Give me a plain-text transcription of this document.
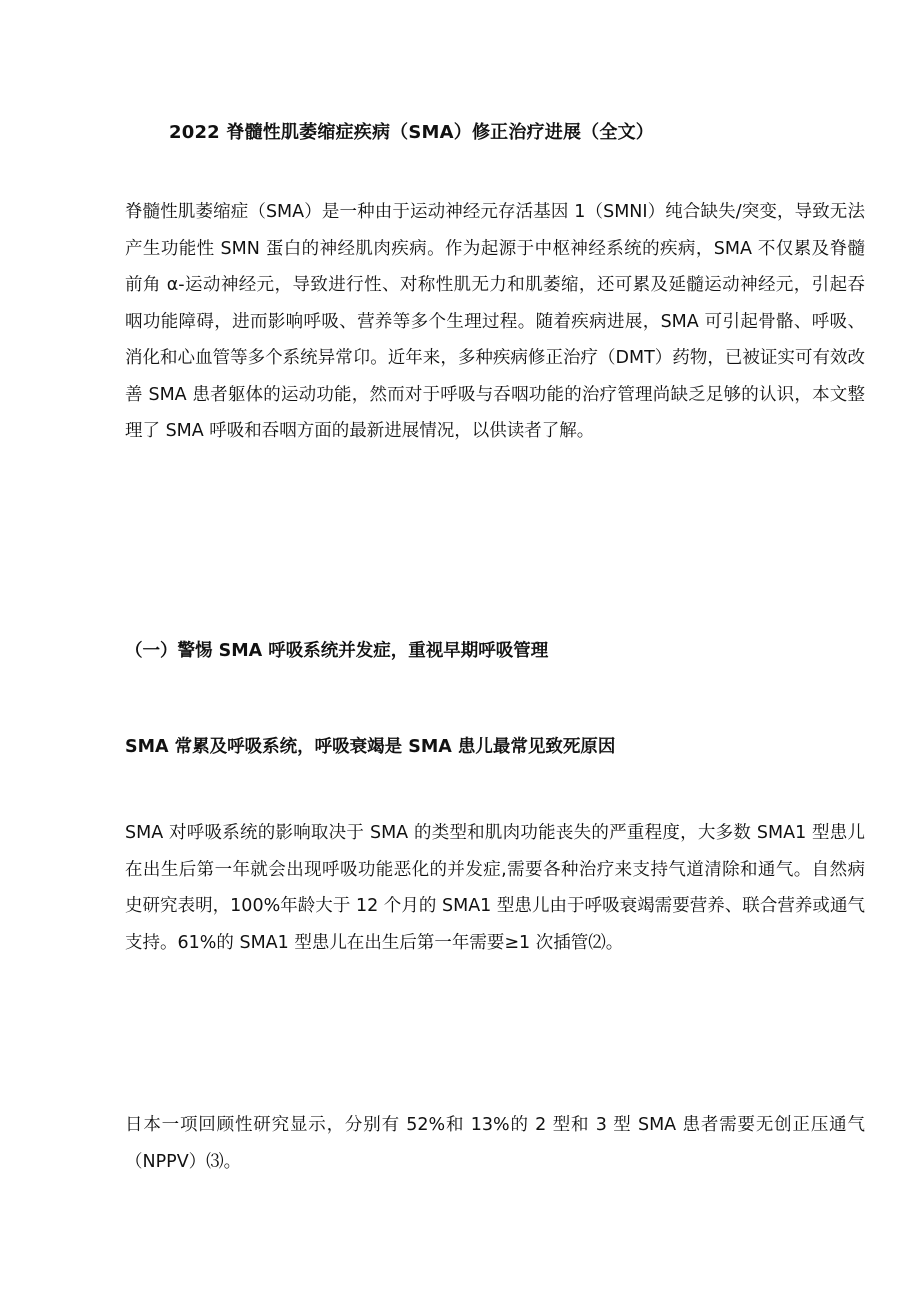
2022 脊髓性肌萎缩症疾病（SMA）修正治疗进展（全文）

脊髓性肌萎缩症（SMA）是一种由于运动神经元存活基因 1（SMNI）纯合缺失/突变，导致无法产生功能性 SMN 蛋白的神经肌肉疾病。作为起源于中枢神经系统的疾病，SMA 不仅累及脊髓前角 α-运动神经元，导致进行性、对称性肌无力和肌萎缩，还可累及延髓运动神经元，引起吞咽功能障碍，进而影响呼吸、营养等多个生理过程。随着疾病进展，SMA 可引起骨骼、呼吸、消化和心血管等多个系统异常卬。近年来，多种疾病修正治疗（DMT）药物，已被证实可有效改善 SMA 患者躯体的运动功能，然而对于呼吸与吞咽功能的治疗管理尚缺乏足够的认识，本文整理了 SMA 呼吸和吞咽方面的最新进展情况，以供读者了解。

（一）警惕 SMA 呼吸系统并发症，重视早期呼吸管理
SMA 常累及呼吸系统，呼吸衰竭是 SMA 患儿最常见致死原因

SMA 对呼吸系统的影响取决于 SMA 的类型和肌肉功能丧失的严重程度，大多数 SMA1 型患儿在出生后第一年就会出现呼吸功能恶化的并发症,需要各种治疗来支持气道清除和通气。自然病史研究表明，100%年龄大于 12 个月的 SMA1 型患儿由于呼吸衰竭需要营养、联合营养或通气支持。61%的 SMA1 型患儿在出生后第一年需要≥1 次插管⑵。

日本一项回顾性研究显示，分别有 52%和 13%的 2 型和 3 型 SMA 患者需要无创正压通气（NPPV）⑶。
